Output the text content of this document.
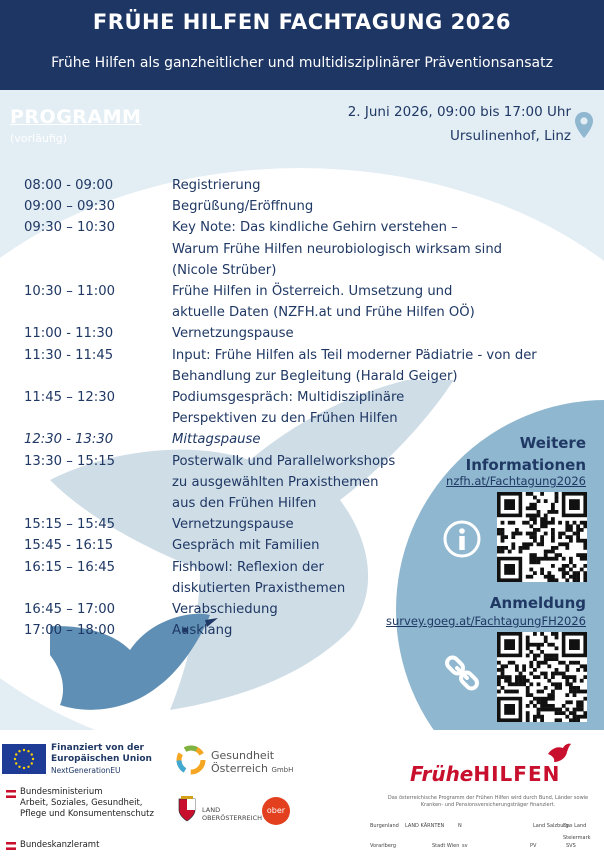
FRÜHE HILFEN FACHTAGUNG 2026
Frühe Hilfen als ganzheitlicher und multidisziplinärer Präventionsansatz
PROGRAMM
(vorläufig)
2. Juni 2026, 09:00 bis 17:00 Uhr
Ursulinenhof, Linz
08:00 - 09:00	Registrierung
09:00 – 09:30	Begrüßung/Eröffnung
09:30 – 10:30	Key Note: Das kindliche Gehirn verstehen –
Warum Frühe Hilfen neurobiologisch wirksam sind
(Nicole Strüber)
10:30 – 11:00	Frühe Hilfen in Österreich. Umsetzung und
aktuelle Daten (NZFH.at und Frühe Hilfen OÖ)
11:00 - 11:30	Vernetzungspause
11:30 - 11:45	Input: Frühe Hilfen als Teil moderner Pädiatrie - von der
Behandlung zur Begleitung (Harald Geiger)
11:45 – 12:30	Podiumsgespräch: Multidisziplinäre
Perspektiven zu den Frühen Hilfen
12:30 - 13:30	Mittagspause
13:30 – 15:15	Posterwalk und Parallelworkshops
zu ausgewählten Praxisthemen
aus den Frühen Hilfen
15:15 – 15:45	Vernetzungspause
15:45 - 16:15	Gespräch mit Familien
16:15 – 16:45	Fishbowl: Reflexion der
diskutierten Praxisthemen
16:45 – 17:00	Verabschiedung
17:00 – 18:00	Ausklang
Weitere
Informationen
nzfh.at/Fachtagung2026
Anmeldung
survey.goeg.at/FachtagungFH2026
Finanziert von der
Europäischen Union
NextGenerationEU
Bundesministerium
Arbeit, Soziales, Gesundheit,
Pflege und Konsumentenschutz
Bundeskanzleramt
Gesundheit
Österreich GmbH
LAND
OBERÖSTERREICH
ober
FrüheHILFEN
Das österreichische Programm der Frühen Hilfen wird durch Bund, Länder sowie Kranken- und Pensionsversicherungsträger finanziert.
Burgenland LAND KÄRNTEN	N	Land Salzburg
Das Land Steiermark
Vorarlberg	Stadt Wien sv	PV	SVS
